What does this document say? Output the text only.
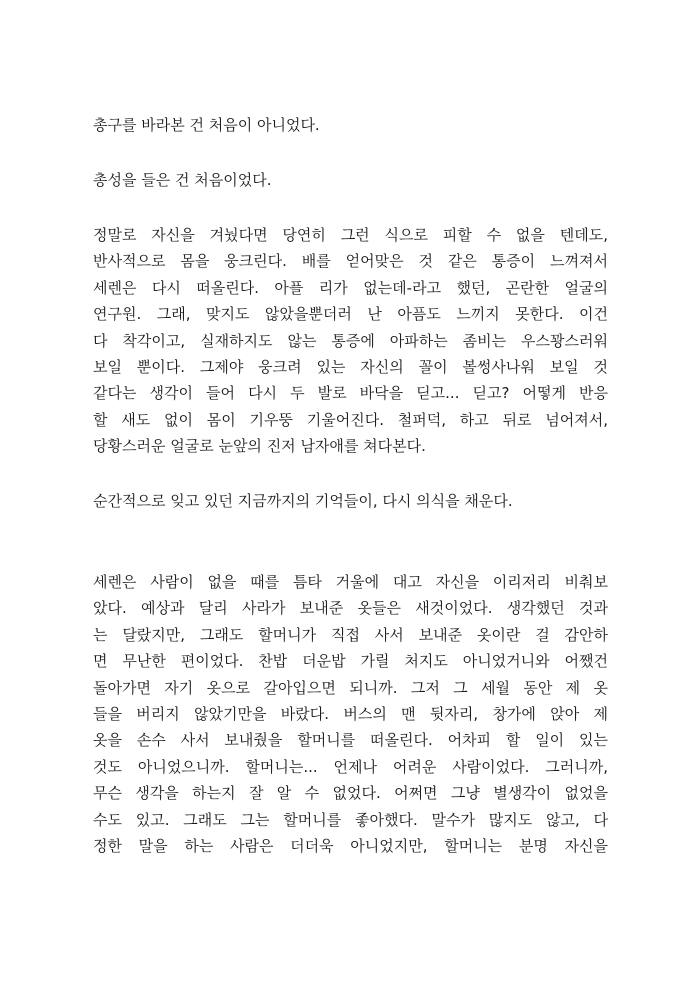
총구를 바라본 건 처음이 아니었다.

총성을 들은 건 처음이었다.

정말로 자신을 겨눴다면 당연히 그런 식으로 피할 수 없을 텐데도,
반사적으로 몸을 웅크린다. 배를 얻어맞은 것 같은 통증이 느껴져서
세렌은 다시 떠올린다. 아플 리가 없는데-라고 했던, 곤란한 얼굴의
연구원. 그래, 맞지도 않았을뿐더러 난 아픔도 느끼지 못한다. 이건
다 착각이고, 실재하지도 않는 통증에 아파하는 좀비는 우스꽝스러워
보일 뿐이다. 그제야 웅크려 있는 자신의 꼴이 볼썽사나워 보일 것
같다는 생각이 들어 다시 두 발로 바닥을 딛고... 딛고? 어떻게 반응
할 새도 없이 몸이 기우뚱 기울어진다. 철퍼덕, 하고 뒤로 넘어져서,
당황스러운 얼굴로 눈앞의 진저 남자애를 쳐다본다.

순간적으로 잊고 있던 지금까지의 기억들이, 다시 의식을 채운다.

세렌은 사람이 없을 때를 틈타 거울에 대고 자신을 이리저리 비춰보
았다. 예상과 달리 사라가 보내준 옷들은 새것이었다. 생각했던 것과
는 달랐지만, 그래도 할머니가 직접 사서 보내준 옷이란 걸 감안하
면 무난한 편이었다. 찬밥 더운밥 가릴 처지도 아니었거니와 어쨌건
돌아가면 자기 옷으로 갈아입으면 되니까. 그저 그 세월 동안 제 옷
들을 버리지 않았기만을 바랐다. 버스의 맨 뒷자리, 창가에 앉아 제
옷을 손수 사서 보내줬을 할머니를 떠올린다. 어차피 할 일이 있는
것도 아니었으니까. 할머니는... 언제나 어려운 사람이었다. 그러니까,
무슨 생각을 하는지 잘 알 수 없었다. 어쩌면 그냥 별생각이 없었을
수도 있고. 그래도 그는 할머니를 좋아했다. 말수가 많지도 않고, 다
정한 말을 하는 사람은 더더욱 아니었지만, 할머니는 분명 자신을
